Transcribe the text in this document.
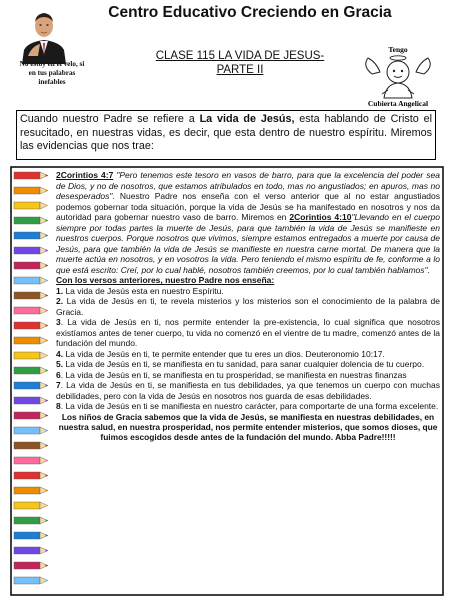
Centro Educativo Creciendo en Gracia
No estoy en el velo, si
en tus palabras
inefables
CLASE 115 LA VIDA DE JESUS-
PARTE II
Tengo
Cubierta Angelical
Cuando nuestro Padre se refiere a La vida de Jesús, esta hablando de Cristo el resucitado, en nuestras vidas, es decir, que esta dentro de nuestro espíritu. Miremos las evidencias que nos trae:

2Corintios 4:7 "Pero tenemos este tesoro en vasos de barro, para que la excelencia del poder sea de Dios, y no de nosotros, que estamos atribulados en todo, mas no angustiados; en apuros, mas no desesperados". Nuestro Padre nos enseña con el verso anterior que al no estar angustiados podemos gobernar toda situación, porque la vida de Jesús se ha manifestado en nosotros y nos da autoridad para gobernar nuestro vaso de barro. Miremos en 2Corintios 4:10"Llevando en el cuerpo siempre por todas partes la muerte de Jesús, para que también la vida de Jesús se manifieste en nuestros cuerpos. Porque nosotros que vivimos, siempre estamos entregados a muerte por causa de Jesús, para que también la vida de Jesús se manifieste en nuestra carne mortal. De manera que la muerte actúa en nosotros, y en vosotros la vida. Pero teniendo el mismo espíritu de fe, conforme a lo que está escrito: Creí, por lo cual hablé, nosotros también creemos, por lo cual también hablamos".

Con los versos anteriores, nuestro Padre nos enseña:

1. La vida de Jesús esta en nuestro Espíritu.

2. La vida de Jesús en ti, te revela misterios y los misterios son el conocimiento de la palabra de Gracia.

3. La vida de Jesús en ti, nos permite entender la pre-existencia, lo cual significa que nosotros existíamos antes de tener cuerpo, tu vida no comenzó en el vientre de tu madre, comenzó antes de la fundación del mundo.

4. La vida de Jesús en ti, te permite entender que tu eres un dios. Deuteronomio 10:17.

5. La vida de Jesús en ti, se manifiesta en tu sanidad, para sanar cualquier dolencia de tu cuerpo.

6. La vida de Jesús en ti, se manifiesta en tu prosperidad, se manifiesta en nuestras finanzas

7. La vida de Jesús en ti, se manifiesta en tus debilidades, ya que tenemos un cuerpo con muchas debilidades, pero con la vida de Jesús en nosotros nos guarda de esas debilidades.

8. La vida de Jesús en ti se manifiesta en nuestro carácter, para comportarte de una forma excelente.

Los niños de Gracia sabemos que la vida de Jesús, se manifiesta en nuestras debilidades, en nuestra salud, en nuestra prosperidad, nos permite entender misterios, que somos dioses, que fuimos escogidos desde antes de la fundación del mundo. Abba Padre!!!!!
